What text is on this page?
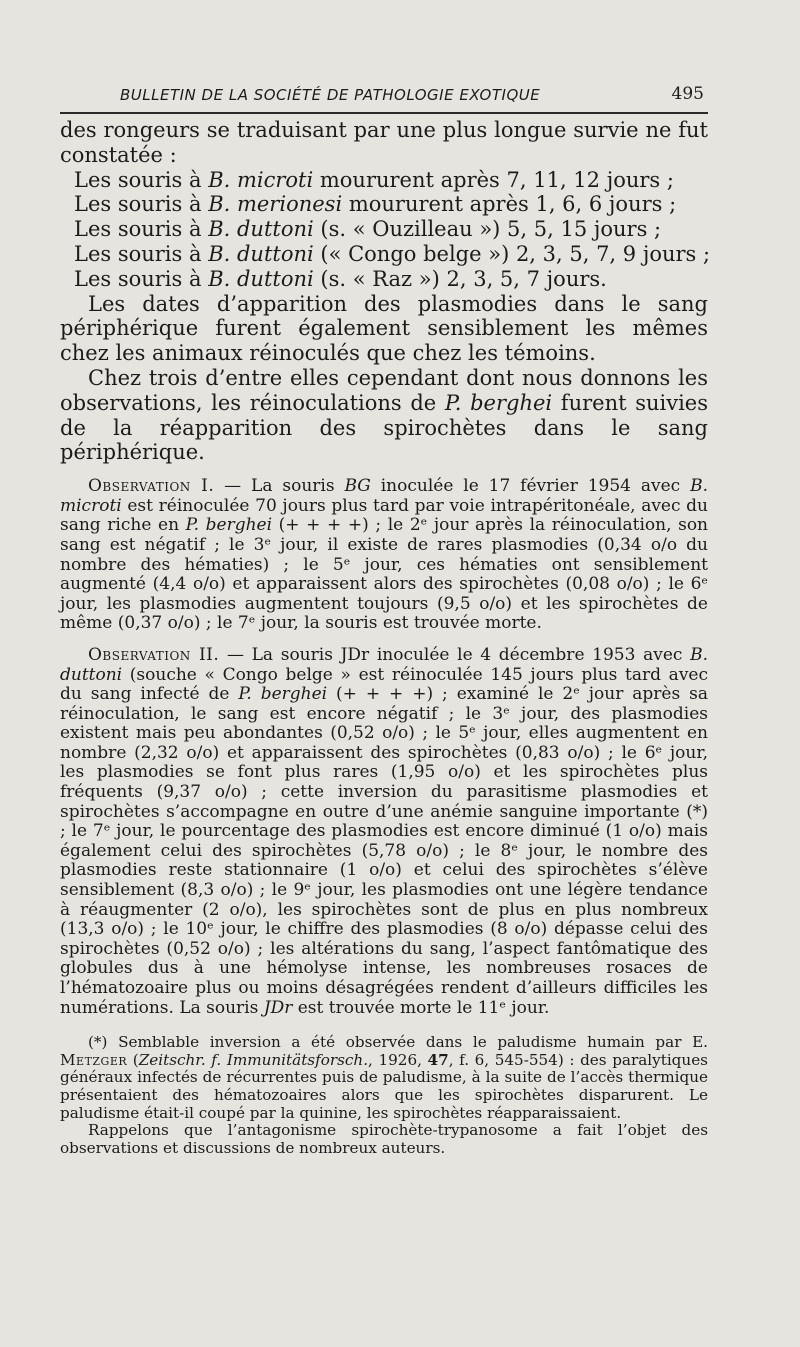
BULLETIN DE LA SOCIÉTÉ DE PATHOLOGIE EXOTIQUE	495

des rongeurs se traduisant par une plus longue survie ne fut constatée :

Les souris à B. microti moururent après 7, 11, 12 jours ;

Les souris à B. merionesi moururent après 1, 6, 6 jours ;

Les souris à B. duttoni (s. « Ouzilleau ») 5, 5, 15 jours ;

Les souris à B. duttoni (« Congo belge ») 2, 3, 5, 7, 9 jours ;

Les souris à B. duttoni (s. « Raz ») 2, 3, 5, 7 jours.

Les dates d’apparition des plasmodies dans le sang périphérique furent également sensiblement les mêmes chez les animaux réinoculés que chez les témoins.

Chez trois d’entre elles cependant dont nous donnons les observations, les réinoculations de P. berghei furent suivies de la réapparition des spirochètes dans le sang périphérique.

Observation I. — La souris BG inoculée le 17 février 1954 avec B. microti est réinoculée 70 jours plus tard par voie intrapéritonéale, avec du sang riche en P. berghei (+ + + +) ; le 2ᵉ jour après la réinoculation, son sang est négatif ; le 3ᵉ jour, il existe de rares plasmodies (0,34 o/o du nombre des hématies) ; le 5ᵉ jour, ces hématies ont sensiblement augmenté (4,4 o/o) et apparaissent alors des spirochètes (0,08 o/o) ; le 6ᵉ jour, les plasmodies augmentent toujours (9,5 o/o) et les spirochètes de même (0,37 o/o) ; le 7ᵉ jour, la souris est trouvée morte.

Observation II. — La souris JDr inoculée le 4 décembre 1953 avec B. duttoni (souche « Congo belge » est réinoculée 145 jours plus tard avec du sang infecté de P. berghei (+ + + +) ; examiné le 2ᵉ jour après sa réinoculation, le sang est encore négatif ; le 3ᵉ jour, des plasmodies existent mais peu abondantes (0,52 o/o) ; le 5ᵉ jour, elles augmentent en nombre (2,32 o/o) et apparaissent des spirochètes (0,83 o/o) ; le 6ᵉ jour, les plasmodies se font plus rares (1,95 o/o) et les spirochètes plus fréquents (9,37 o/o) ; cette inversion du parasitisme plasmodies et spirochètes s’accompagne en outre d’une anémie sanguine importante (*) ; le 7ᵉ jour, le pourcentage des plasmodies est encore diminué (1 o/o) mais également celui des spirochètes (5,78 o/o) ; le 8ᵉ jour, le nombre des plasmodies reste stationnaire (1 o/o) et celui des spirochètes s’élève sensiblement (8,3 o/o) ; le 9ᵉ jour, les plasmodies ont une légère tendance à réaugmenter (2 o/o), les spirochètes sont de plus en plus nombreux (13,3 o/o) ; le 10ᵉ jour, le chiffre des plasmodies (8 o/o) dépasse celui des spirochètes (0,52 o/o) ; les altérations du sang, l’aspect fantômatique des globules dus à une hémolyse intense, les nombreuses rosaces de l’hématozoaire plus ou moins désagrégées rendent d’ailleurs difficiles les numérations. La souris JDr est trouvée morte le 11ᵉ jour.

(*) Semblable inversion a été observée dans le paludisme humain par E. Metzger (Zeitschr. f. Immunitätsforsch., 1926, 47, f. 6, 545-554) : des paralytiques généraux infectés de récurrentes puis de paludisme, à la suite de l’accès thermique présentaient des hématozoaires alors que les spirochètes disparurent. Le paludisme était-il coupé par la quinine, les spirochètes réapparaissaient.

Rappelons que l’antagonisme spirochète-trypanosome a fait l’objet des observations et discussions de nombreux auteurs.
